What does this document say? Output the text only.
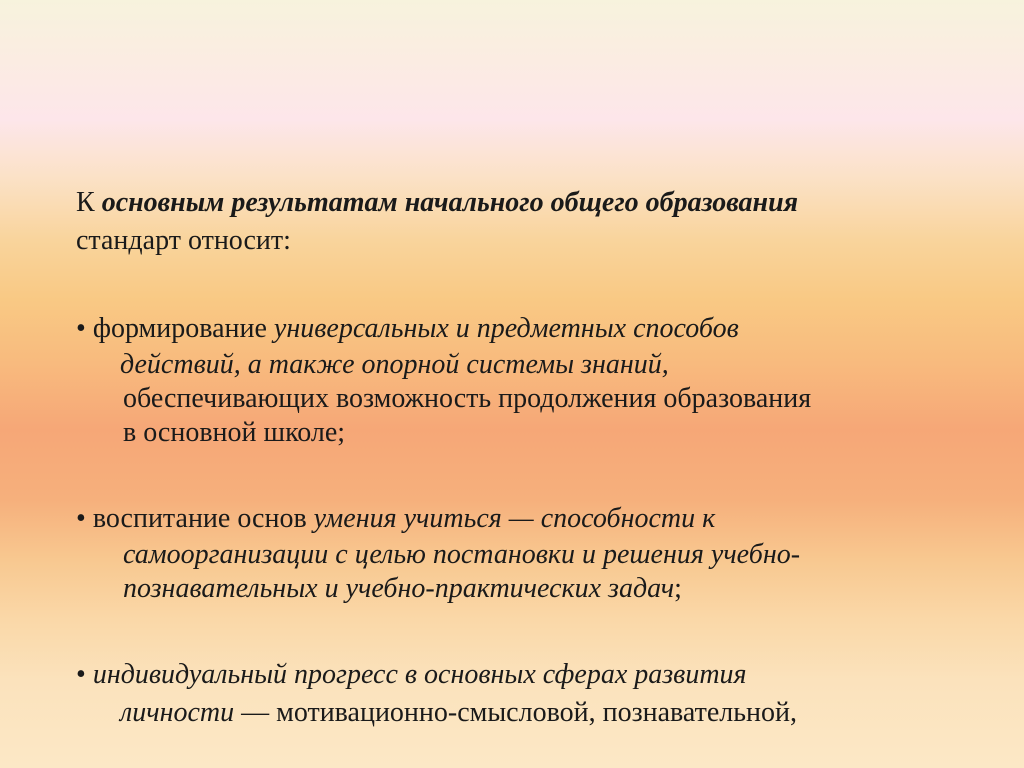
К основным результатам начального общего образования
стандарт относит:
• формирование универсальных и предметных способов
действий, а также опорной системы знаний,
обеспечивающих возможность продолжения образования
в основной школе;
• воспитание основ умения учиться — способности к
самоорганизации с целью постановки и решения учебно-
познавательных и учебно-практических задач;
• индивидуальный прогресс в основных сферах развития
личности — мотивационно-смысловой, познавательной,
